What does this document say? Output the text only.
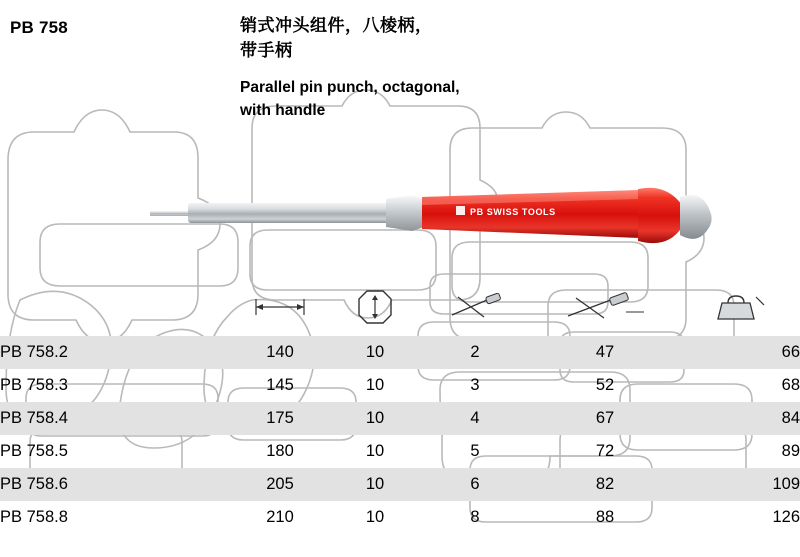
PB 758	销式冲头组件，八棱柄，
带手柄
Parallel pin punch, octagonal,
with handle
PB SWISS TOOLS
PB 758.2	140	10	2	47	66
PB 758.3	145	10	3	52	68
PB 758.4	175	10	4	67	84
PB 758.5	180	10	5	72	89
PB 758.6	205	10	6	82	109
PB 758.8	210	10	8	88	126
